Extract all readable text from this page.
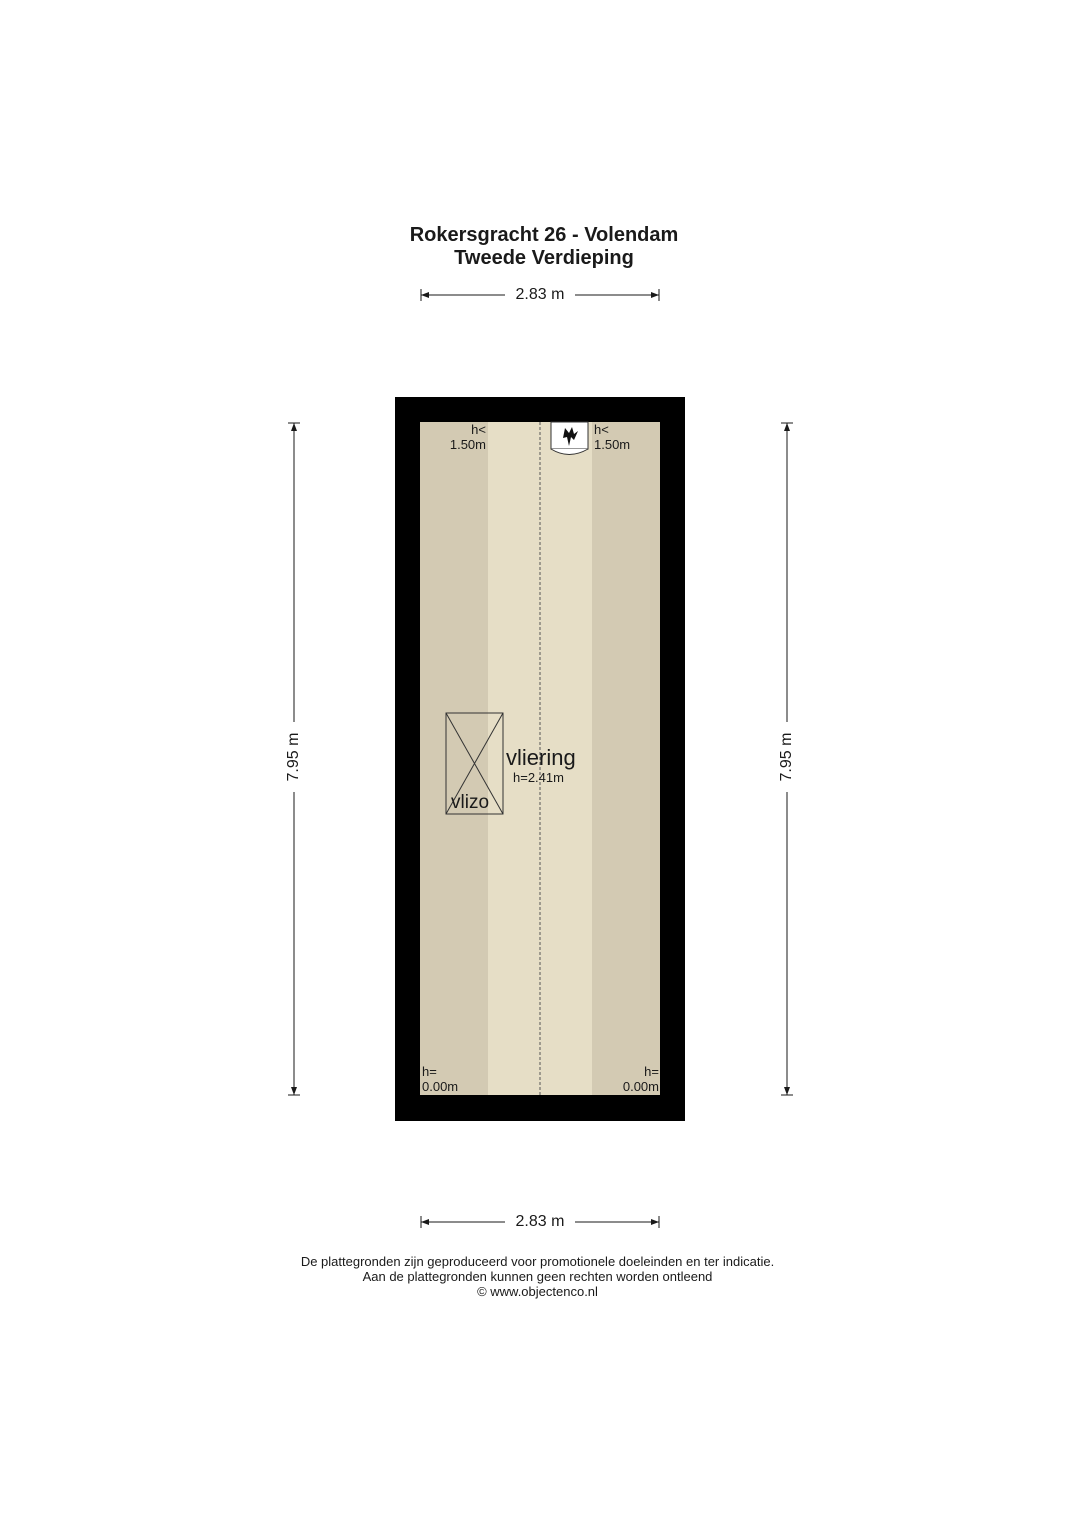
Rokersgracht 26 - Volendam
Tweede Verdieping
2.83 m
2.83 m
7.95 m	7.95 m
h<
1.50m
h<
1.50m
h=
0.00m
h=
0.00m
vliering
h=2.41m
vlizo
De plattegronden zijn geproduceerd voor promotionele doeleinden en ter indicatie.
Aan de plattegronden kunnen geen rechten worden ontleend
© www.objectenco.nl
